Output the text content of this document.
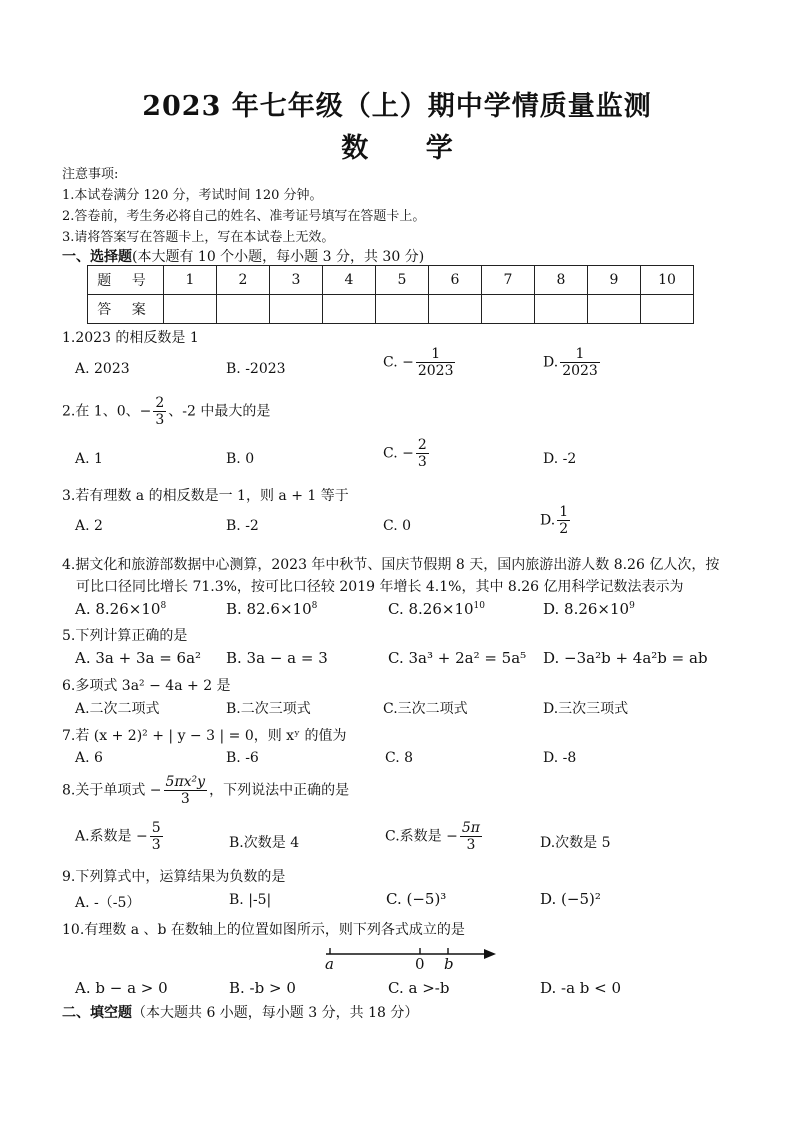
2023 年七年级（上）期中学情质量监测
数 学
注意事项:
1.本试卷满分 120 分，考试时间 120 分钟。
2.答卷前，考生务必将自己的姓名、准考证号填写在答题卡上。
3.请将答案写在答题卡上，写在本试卷上无效。
一、选择题(本大题有 10 个小题，每小题 3 分，共 30 分)
题 号	1	2	3	4	5	6	7	8	9	10
答 案										
1.2023 的相反数是 1
A. 2023	B. -2023	C. − $\frac{1}{2023}$	D. $\frac{1}{2023}$
2.在 1、0、− $\frac{2}{3}$ 、-2 中最大的是
A. 1	B. 0	C. − $\frac{2}{3}$	D. -2
3.若有理数 a 的相反数是一 1，则 a + 1 等于
A. 2	B. -2	C. 0	D. $\frac{1}{2}$
4.据文化和旅游部数据中心测算，2023 年中秋节、国庆节假期 8 天，国内旅游出游人数 8.26 亿人次，按
可比口径同比增长 71.3%，按可比口径较 2019 年增长 4.1%，其中 8.26 亿用科学记数法表示为
A. $8.26\times 10^8$	B. $82.6\times 10^8$	C. $8.26\times 10^{10}$	D. $8.26\times 10^9$
5.下列计算正确的是
A. 3a + 3a = 6a² B. 3a − a = 3	C. 3a³ + 2a² = 5a⁵ D. −3a²b + 4a²b = ab
6.多项式 3a² − 4a + 2 是
A.二次二项式	B.二次三项式	C.三次二项式	D.三次三项式
7.若 (x + 2)² + | y − 3 | = 0，则 xʸ 的值为
A. 6	B. -6	C. 8	D. -8
8.关于单项式 − $\frac{\text{5πx²y}}{3}$ ，下列说法中正确的是
A.系数是 − $\frac{5}{3}$	B.次数是 4	C.系数是 − $\frac{5\pi}{3}$	D.次数是 5
9.下列算式中，运算结果为负数的是
A. -（-5）	B. |-5|	C. (−5)³	D. (−5)²
10.有理数 a 、b 在数轴上的位置如图所示，则下列各式成立的是
a	0 b
A. b − a > 0	B. -b > 0	C. a >-b	D. -a b < 0
二、填空题（本大题共 6 小题，每小题 3 分，共 18 分）
